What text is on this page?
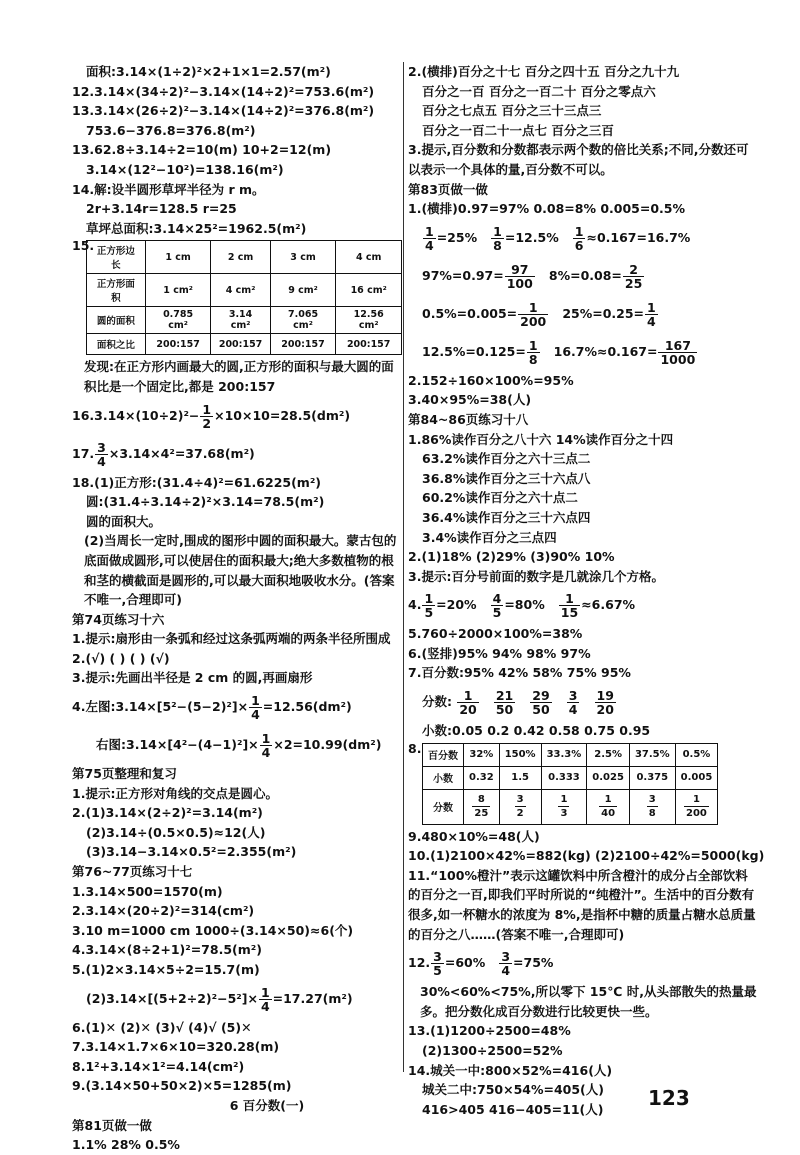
面积:3.14×(1÷2)²×2+1×1=2.57(m²)
12.3.14×(34÷2)²−3.14×(14÷2)²=753.6(m²)
13.3.14×(26÷2)²−3.14×(14÷2)²=376.8(m²)
753.6−376.8=376.8(m²)
13.62.8÷3.14÷2=10(m) 10+2=12(m)
3.14×(12²−10²)=138.16(m²)
14.解:设半圆形草坪半径为 r m。
2r+3.14r=128.5 r=25
草坪总面积:3.14×25²=1962.5(m²)
15. 正方形边长	1 cm	2 cm	3 cm	4 cm
正方形面积	1 cm²	4 cm²	9 cm²	16 cm²
圆的面积	0.785 cm²	3.14 cm²	7.065 cm²	12.56 cm²
面积之比	200:157	200:157	200:157	200:157
发现:在正方形内画最大的圆,正方形的面积与最大圆的面积比是一个固定比,都是 200:157
$16.3.14\times(10\div 2)^2- \frac{1}{2} \times 10\times 10=28.5(dm^2)$
17. $\frac{3}{4} \times 3.14\times 4^2=37.68(m^2)$
18.(1)正方形:(31.4÷4)²=61.6225(m²)
圆:(31.4÷3.14÷2)²×3.14=78.5(m²)
圆的面积大。
(2)当周长一定时,围成的图形中圆的面积最大。蒙古包的底面做成圆形,可以使居住的面积最大;绝大多数植物的根和茎的横截面是圆形的,可以最大面积地吸收水分。(答案不唯一,合理即可)
第74页练习十六
1.提示:扇形由一条弧和经过这条弧两端的两条半径所围成
2.(√) ( ) ( ) (√)
3.提示:先画出半径是 2 cm 的圆,再画扇形
4.左图:3.14×[5²−(5−2)²]× $\frac{1}{4} =12.56(dm^2)$
右图:3.14×[4²−(4−1)²]× $\frac{1}{4} \times 2=10.99(dm^2)$
第75页整理和复习
1.提示:正方形对角线的交点是圆心。
2.(1)3.14×(2÷2)²=3.14(m²)
(2)3.14÷(0.5×0.5)≈12(人)
(3)3.14−3.14×0.5²=2.355(m²)
第76~77页练习十七
1.3.14×500=1570(m)
2.3.14×(20÷2)²=314(cm²)
3.10 m=1000 cm 1000÷(3.14×50)≈6(个)
4.3.14×(8÷2+1)²=78.5(m²)
5.(1)2×3.14×5÷2=15.7(m)
$(2)3.14\times[(5+2\div 2)^2-5^2]\times \frac{1}{4} =17.27(m^2)$
6.(1)✕ (2)✕ (3)√ (4)√ (5)✕
7.3.14×1.7×6×10=320.28(m)
8.1²+3.14×1²=4.14(cm²)
9.(3.14×50+50×2)×5=1285(m)
6 百分数(一)
第81页做一做
1.1% 28% 0.5%
2.(横排)百分之十七 百分之四十五 百分之九十九
百分之一百 百分之一百二十 百分之零点六
百分之七点五 百分之三十三点三
百分之一百二十一点七 百分之三百
3.提示,百分数和分数都表示两个数的倍比关系;不同,分数还可以表示一个具体的量,百分数不可以。
第83页做一做
1.(横排)0.97=97% 0.08=8% 0.005=0.5%
$\frac{1}{4} =25\% \frac{1}{8} =12.5\% \frac{1}{6} \approx 0.167=16.7\%$
$97\%=0.97= \frac{97}{100} 8\%=0.08= \frac{2}{25}$
$0.5\%=0.005= \frac{1}{200} 25\%=0.25= \frac{1}{4}$
$12.5\%=0.125= \frac{1}{8} 16.7\%\approx 0.167= \frac{167}{1000}$
2.152÷160×100%=95%
3.40×95%=38(人)
第84~86页练习十八
1.86%读作百分之八十六 14%读作百分之十四
63.2%读作百分之六十三点二
36.8%读作百分之三十六点八
60.2%读作百分之六十点二
36.4%读作百分之三十六点四
3.4%读作百分之三点四
2.(1)18% (2)29% (3)90% 10%
3.提示:百分号前面的数字是几就涂几个方格。
4. $\frac{1}{5} =20\% \frac{4}{5} =80\% \frac{1}{15} \approx 6.67\%$
5.760÷2000×100%=38%
6.(竖排)95% 94% 98% 97%
7.百分数:95% 42% 58% 75% 95%
分数: $\frac{1}{20}$
$\frac{21}{50}$
$\frac{29}{50}$
$\frac{3}{4}$
$\frac{19}{20}$
小数:0.05 0.2 0.42 0.58 0.75 0.95
8.
百分数	32%	150%	33.3%	2.5%	37.5%	0.5%
小数	0.32	1.5	0.333	0.025	0.375	0.005
分数	$\frac{8}{25}$	$\frac{3}{2}$	$\frac{1}{3}$	$\frac{1}{40}$	$\frac{3}{8}$	$\frac{1}{200}$
9.480×10%=48(人)
10.(1)2100×42%=882(kg) (2)2100÷42%=5000(kg)
11.“100%橙汁”表示这罐饮料中所含橙汁的成分占全部饮料的百分之一百,即我们平时所说的“纯橙汁”。生活中的百分数有很多,如一杯糖水的浓度为 8%,是指杯中糖的质量占糖水总质量的百分之八……(答案不唯一,合理即可)
12. $\frac{3}{5} =60\% \frac{3}{4} =75\%$
30%<60%<75%,所以零下 15℃ 时,从头部散失的热量最多。把分数化成百分数进行比较更快一些。
13.(1)1200÷2500=48%
(2)1300÷2500=52%
14.城关一中:800×52%=416(人)
城关二中:750×54%=405(人)
416>405 416−405=11(人)	123
